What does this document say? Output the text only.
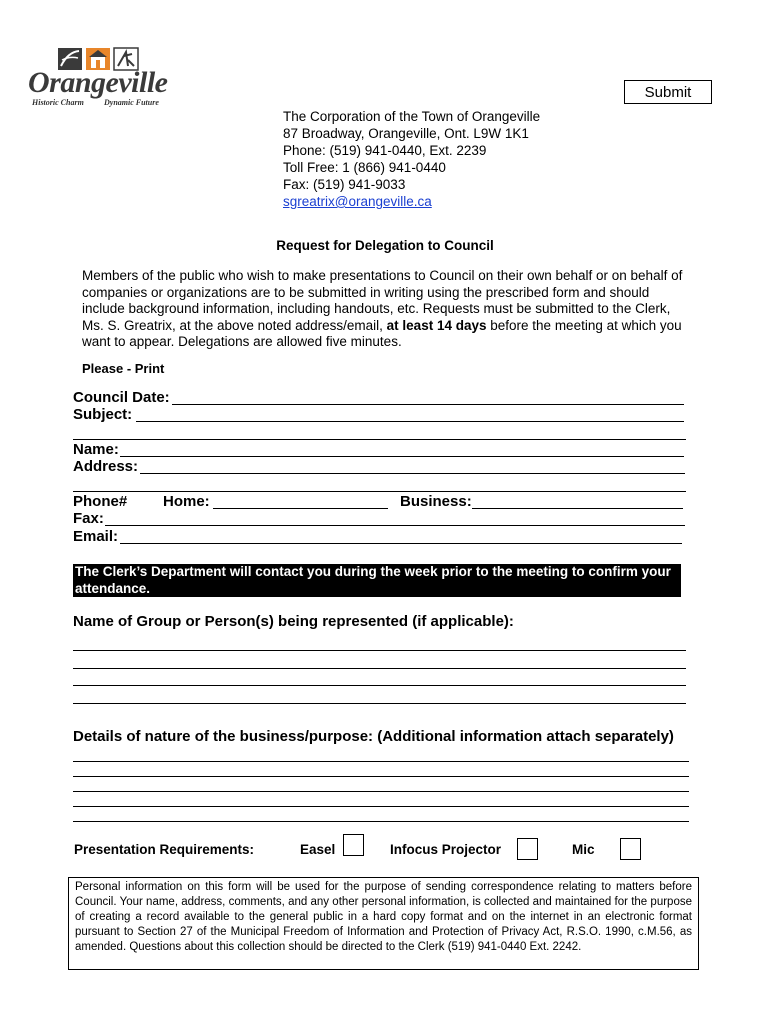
Orangeville
Historic Charm	Dynamic Future
Submit
The Corporation of the Town of Orangeville
87 Broadway, Orangeville, Ont. L9W 1K1
Phone: (519) 941-0440, Ext. 2239
Toll Free: 1 (866) 941-0440
Fax: (519) 941-9033
sgreatrix@orangeville.ca
Request for Delegation to Council
Members of the public who wish to make presentations to Council on their own behalf or on behalf of companies or organizations are to be submitted in writing using the prescribed form and should include background information, including handouts, etc. Requests must be submitted to the Clerk, Ms. S. Greatrix, at the above noted address/email, at least 14 days before the meeting at which you want to appear. Delegations are allowed five minutes.
Please - Print
Council Date:
Subject:
Name:
Address:
Phone# Home:	Business:
Fax:
Email:
The Clerk’s Department will contact you during the week prior to the meeting to confirm your attendance.
Name of Group or Person(s) being represented (if applicable):
Details of nature of the business/purpose: (Additional information attach separately)
Presentation Requirements:	Easel	Infocus Projector	Mic
Personal information on this form will be used for the purpose of sending correspondence relating to matters before Council. Your name, address, comments, and any other personal information, is collected and maintained for the purpose of creating a record available to the general public in a hard copy format and on the internet in an electronic format pursuant to Section 27 of the Municipal Freedom of Information and Protection of Privacy Act, R.S.O. 1990, c.M.56, as amended. Questions about this collection should be directed to the Clerk (519) 941-0440 Ext. 2242.
